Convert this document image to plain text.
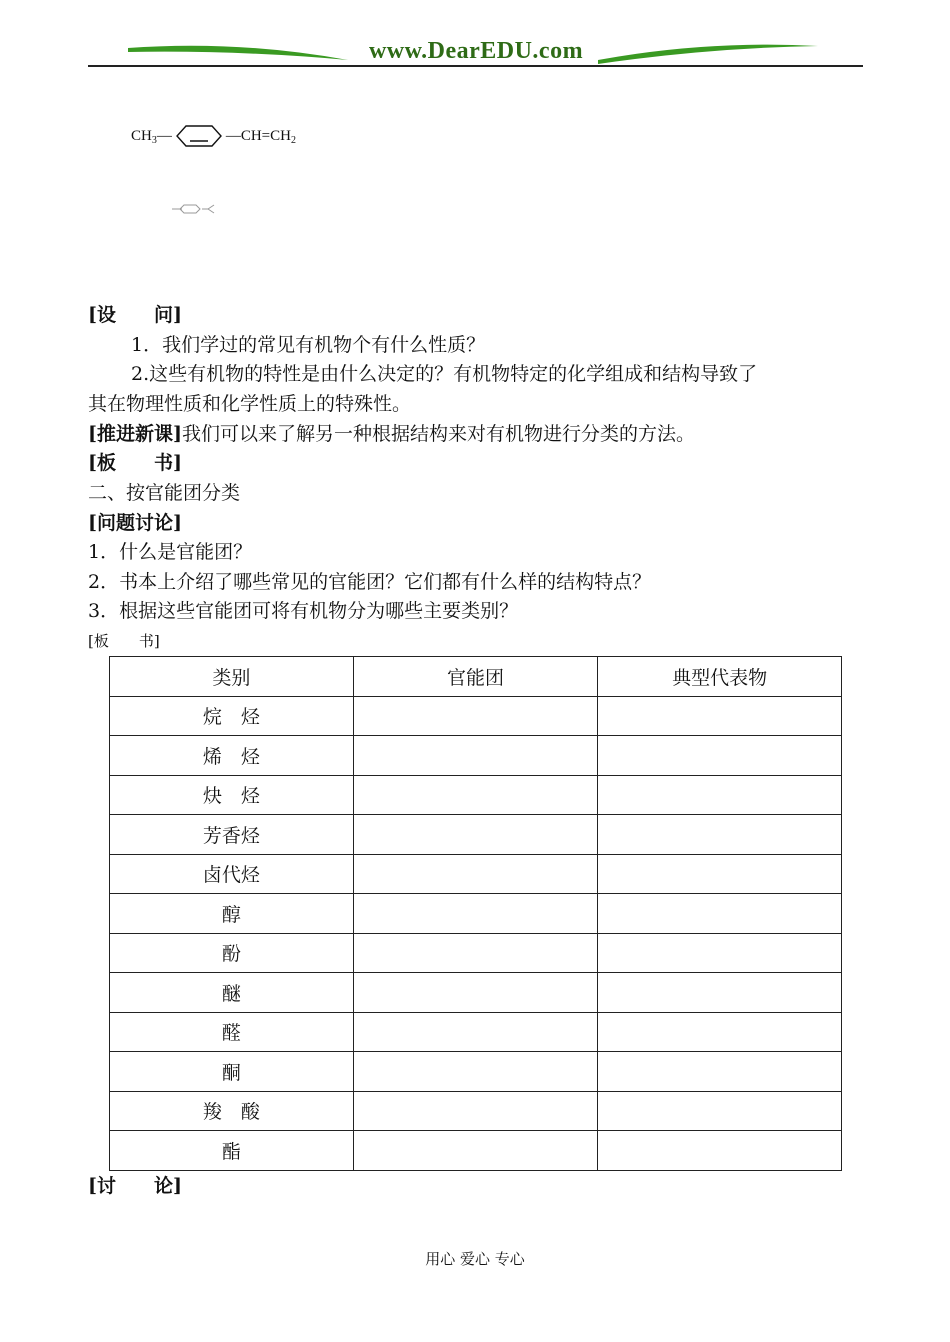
www.DearEDU.com
CH 3 —	—CH=CH 2
[设　　问]
1．我们学过的常见有机物个有什么性质？
2.这些有机物的特性是由什么决定的？有机物特定的化学组成和结构导致了
其在物理性质和化学性质上的特殊性。
[推进新课]我们可以来了解另一种根据结构来对有机物进行分类的方法。
[板　　书]
二、按官能团分类
[问题讨论]
1．什么是官能团？
2．书本上介绍了哪些常见的官能团？它们都有什么样的结构特点？
3．根据这些官能团可将有机物分为哪些主要类别？
[板　　书]
类别	官能团	典型代表物
烷　烃		
烯　烃		
炔　烃		
芳香烃		
卤代烃		
醇		
酚		
醚		
醛		
酮		
羧　酸		
酯		
[讨　　论]
用心 爱心 专心
